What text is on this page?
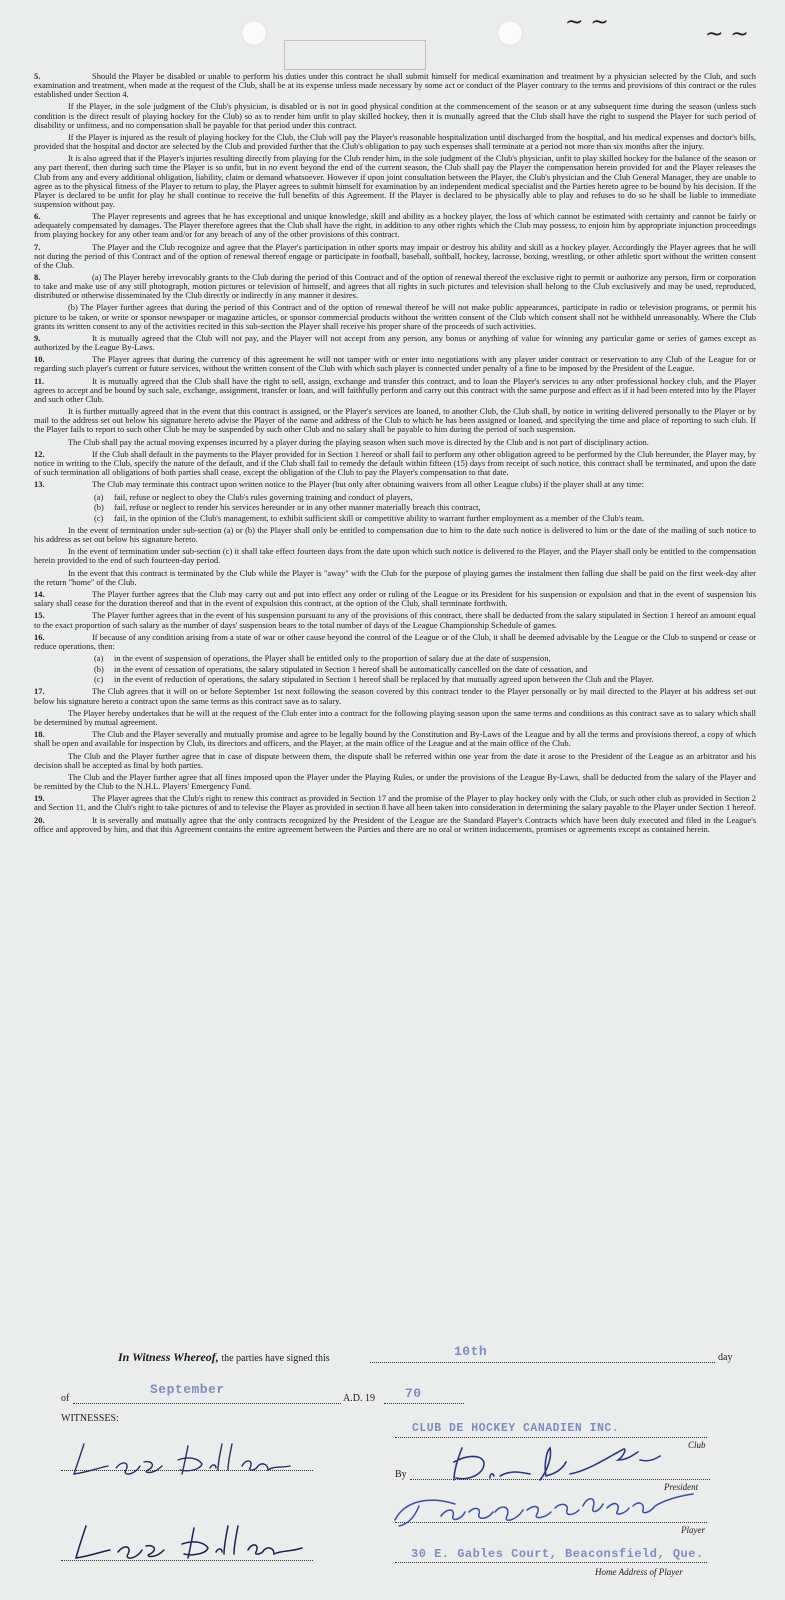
~ ~	~ ~

5.	Should the Player be disabled or unable to perform his duties under this contract he shall submit himself for medical examination and treatment by a physician selected by the Club, and such examination and treatment, when made at the request of the Club, shall be at its expense unless made necessary by some act or conduct of the Player contrary to the terms and provisions of this contract or the rules established under Section 4.

If the Player, in the sole judgment of the Club's physician, is disabled or is not in good physical condition at the commencement of the season or at any subsequent time during the season (unless such condition is the direct result of playing hockey for the Club) so as to render him unfit to play skilled hockey, then it is mutually agreed that the Club shall have the right to suspend the Player for such period of disability or unfitness, and no compensation shall be payable for that period under this contract.

If the Player is injured as the result of playing hockey for the Club, the Club will pay the Player's reasonable hospitalization until discharged from the hospital, and his medical expenses and doctor's bills, provided that the hospital and doctor are selected by the Club and provided further that the Club's obligation to pay such expenses shall terminate at a period not more than six months after the injury.

It is also agreed that if the Player's injuries resulting directly from playing for the Club render him, in the sole judgment of the Club's physician, unfit to play skilled hockey for the balance of the season or any part thereof, then during such time the Player is so unfit, but in no event beyond the end of the current season, the Club shall pay the Player the compensation herein provided for and the Player releases the Club from any and every additional obligation, liability, claim or demand whatsoever. However if upon joint consultation between the Player, the Club's physician and the Club General Manager, they are unable to agree as to the physical fitness of the Player to return to play, the Player agrees to submit himself for examination by an independent medical specialist and the Parties hereto agree to be bound by his decision. If the Player is declared to be unfit for play he shall continue to receive the full benefits of this Agreement. If the Player is declared to be physically able to play and refuses to do so he shall be liable to immediate suspension without pay.

6.	The Player represents and agrees that he has exceptional and unique knowledge, skill and ability as a hockey player, the loss of which cannot be estimated with certainty and cannot be fairly or adequately compensated by damages. The Player therefore agrees that the Club shall have the right, in addition to any other rights which the Club may possess, to enjoin him by appropriate injunction proceedings from playing hockey for any other team and/or for any breach of any of the other provisions of this contract.

7.	The Player and the Club recognize and agree that the Player's participation in other sports may impair or destroy his ability and skill as a hockey player. Accordingly the Player agrees that he will not during the period of this Contract and of the option of renewal thereof engage or participate in football, baseball, softball, hockey, lacrosse, boxing, wrestling, or other athletic sport without the written consent of the Club.

8.	(a) The Player hereby irrevocably grants to the Club during the period of this Contract and of the option of renewal thereof the exclusive right to permit or authorize any person, firm or corporation to take and make use of any still photograph, motion pictures or television of himself, and agrees that all rights in such pictures and television shall belong to the Club exclusively and may be used, reproduced, distributed or otherwise disseminated by the Club directly or indirectly in any manner it desires.

(b) The Player further agrees that during the period of this Contract and of the option of renewal thereof he will not make public appearances, participate in radio or television programs, or permit his picture to be taken, or write or sponsor newspaper or magazine articles, or sponsor commercial products without the written consent of the Club which consent shall not be withheld unreasonably. Where the Club grants its written consent to any of the activities recited in this sub-section the Player shall receive his proper share of the proceeds of such activities.

9.	It is mutually agreed that the Club will not pay, and the Player will not accept from any person, any bonus or anything of value for winning any particular game or series of games except as authorized by the League By-Laws.

10.	The Player agrees that during the currency of this agreement he will not tamper with or enter into negotiations with any player under contract or reservation to any Club of the League for or regarding such player's current or future services, without the written consent of the Club with which such player is connected under penalty of a fine to be imposed by the President of the League.

11.	It is mutually agreed that the Club shall have the right to sell, assign, exchange and transfer this contract, and to loan the Player's services to any other professional hockey club, and the Player agrees to accept and be bound by such sale, exchange, assignment, transfer or loan, and will faithfully perform and carry out this contract with the same purpose and effect as if it had been entered into by the Player and such other Club.

It is further mutually agreed that in the event that this contract is assigned, or the Player's services are loaned, to another Club, the Club shall, by notice in writing delivered personally to the Player or by mail to the address set out below his signature hereto advise the Player of the name and address of the Club to which he has been assigned or loaned, and specifying the time and place of reporting to such club. If the Player fails to report to such other Club he may be suspended by such other Club and no salary shall be payable to him during the period of such suspension.

The Club shall pay the actual moving expenses incurred by a player during the playing season when such move is directed by the Club and is not part of disciplinary action.

12.	If the Club shall default in the payments to the Player provided for in Section 1 hereof or shall fail to perform any other obligation agreed to be performed by the Club hereunder, the Player may, by notice in writing to the Club, specify the nature of the default, and if the Club shall fail to remedy the default within fifteen (15) days from receipt of such notice, this contract shall be terminated, and upon the date of such termination all obligations of both parties shall cease, except the obligation of the Club to pay the Player's compensation to that date.

13.	The Club may terminate this contract upon written notice to the Player (but only after obtaining waivers from all other League clubs) if the player shall at any time:

(a)	fail, refuse or neglect to obey the Club's rules governing training and conduct of players,
(b)	fail, refuse or neglect to render his services hereunder or in any other manner materially breach this contract,
(c)	fail, in the opinion of the Club's management, to exhibit sufficient skill or competitive ability to warrant further employment as a member of the Club's team.

In the event of termination under sub-section (a) or (b) the Player shall only be entitled to compensation due to him to the date such notice is delivered to him or the date of the mailing of such notice to his address as set out below his signature hereto.

In the event of termination under sub-section (c) it shall take effect fourteen days from the date upon which such notice is delivered to the Player, and the Player shall only be entitled to the compensation herein provided to the end of such fourteen-day period.

In the event that this contract is terminated by the Club while the Player is "away" with the Club for the purpose of playing games the instalment then falling due shall be paid on the first week-day after the return "home" of the Club.

14.	The Player further agrees that the Club may carry out and put into effect any order or ruling of the League or its President for his suspension or expulsion and that in the event of suspension his salary shall cease for the duration thereof and that in the event of expulsion this contract, at the option of the Club, shall terminate forthwith.

15.	The Player further agrees that in the event of his suspension pursuant to any of the provisions of this contract, there shall be deducted from the salary stipulated in Section 1 hereof an amount equal to the exact proportion of such salary as the number of days' suspension bears to the total number of days of the League Championship Schedule of games.

16.	If because of any condition arising from a state of war or other cause beyond the control of the League or of the Club, it shall be deemed advisable by the League or the Club to suspend or cease or reduce operations, then:

(a)	in the event of suspension of operations, the Player shall be entitled only to the proportion of salary due at the date of suspension,
(b)	in the event of cessation of operations, the salary stipulated in Section 1 hereof shall be automatically cancelled on the date of cessation, and
(c)	in the event of reduction of operations, the salary stipulated in Section 1 hereof shall be replaced by that mutually agreed upon between the Club and the Player.

17.	The Club agrees that it will on or before September 1st next following the season covered by this contract tender to the Player personally or by mail directed to the Player at his address set out below his signature hereto a contract upon the same terms as this contract save as to salary.

The Player hereby undertakes that he will at the request of the Club enter into a contract for the following playing season upon the same terms and conditions as this contract save as to salary which shall be determined by mutual agreement.

18.	The Club and the Player severally and mutually promise and agree to be legally bound by the Constitution and By-Laws of the League and by all the terms and provisions thereof, a copy of which shall be open and available for inspection by Club, its directors and officers, and the Player, at the main office of the League and at the main office of the Club.

The Club and the Player further agree that in case of dispute between them, the dispute shall be referred within one year from the date it arose to the President of the League as an arbitrator and his decision shall be accepted as final by both parties.

The Club and the Player further agree that all fines imposed upon the Player under the Playing Rules, or under the provisions of the League By-Laws, shall be deducted from the salary of the Player and be remitted by the Club to the N.H.L. Players' Emergency Fund.

19.	The Player agrees that the Club's right to renew this contract as provided in Section 17 and the promise of the Player to play hockey only with the Club, or such other club as provided in Section 2 and Section 11, and the Club's right to take pictures of and to televise the Player as provided in section 8 have all been taken into consideration in determining the salary payable to the Player under Section 1 hereof.

20.	It is severally and mutually agree that the only contracts recognized by the President of the League are the Standard Player's Contracts which have been duly executed and filed in the League's office and approved by him, and that this Agreement contains the entire agreement between the Parties and there are no oral or written inducements, promises or agreements except as contained herein.

In Witness Whereof, the parties have signed this	10th	day
of
September
A.D. 19 70
WITNESSES:
CLUB DE HOCKEY CANADIEN INC.
Club
By
President
Player
30 E. Gables Court, Beaconsfield, Que.
Home Address of Player
